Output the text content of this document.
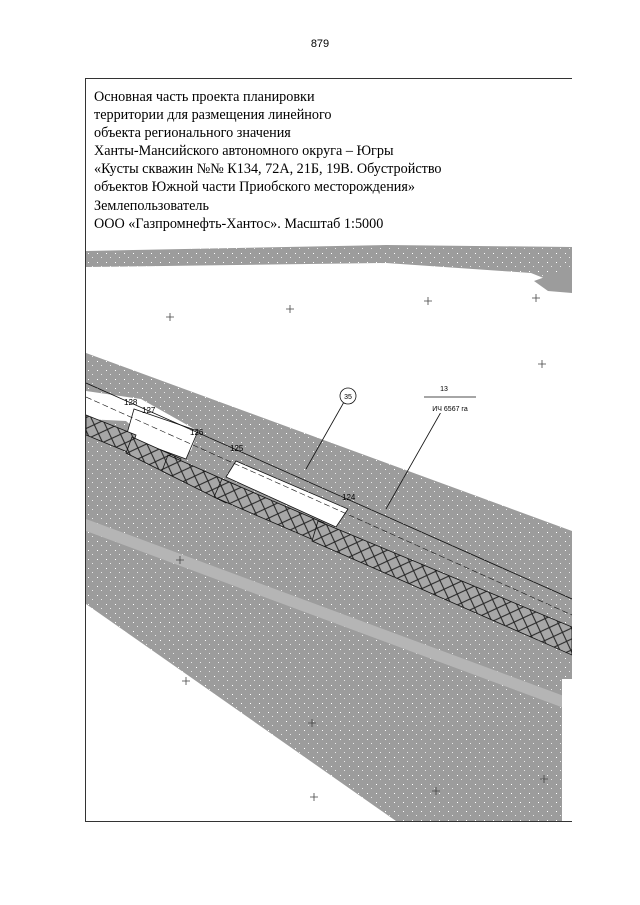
879
35
13
ИЧ 6567 га
128
127
126
125
124
Основная часть проекта планировки
территории для размещения линейного
объекта регионального значения
Ханты-Мансийского автономного округа – Югры
«Кусты скважин №№ К134, 72А, 21Б, 19В. Обустройство
объектов Южной части Приобского месторождения»
Землепользователь
ООО «Газпромнефть-Хантос». Масштаб 1:5000
